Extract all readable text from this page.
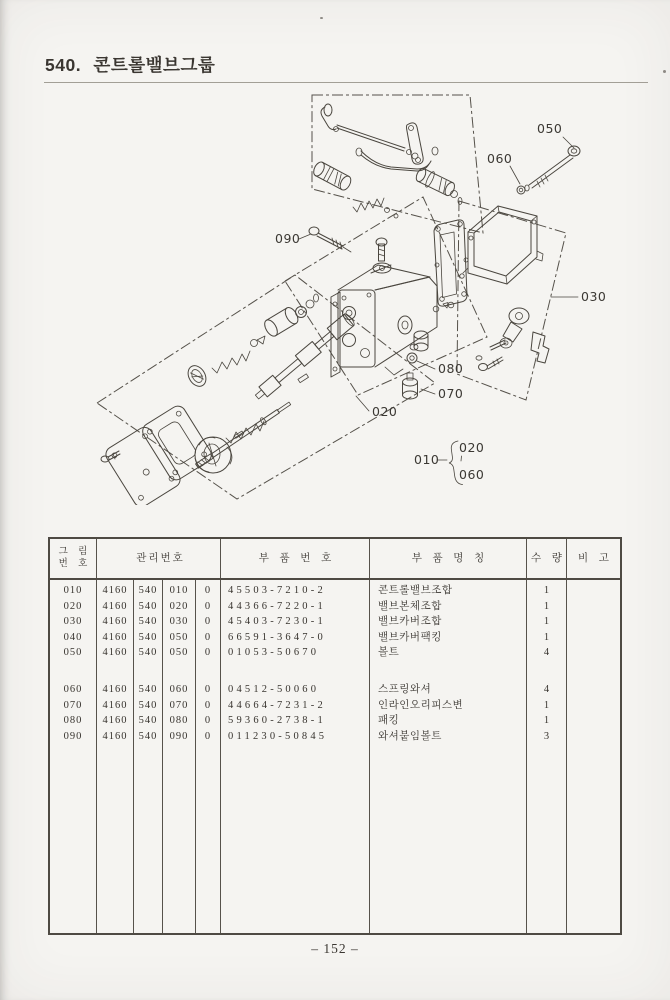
540. 콘트롤밸브그룹
050
060
090
030
080
070
020
010
020
060
그 림
번 호	관리번호	부 품 번 호	부 품 명 칭	수 량	비 고
010	4160	540	010	0	45503-7210-2	콘트롤밸브조합	1
020	4160	540	020	0	44366-7220-1	밸브본체조합	1
030	4160	540	030	0	45403-7230-1	밸브카버조합	1
040	4160	540	050	0	66591-3647-0	밸브카버팩킹	1
050	4160	540	050	0	01053-50670	볼트	4
060	4160	540	060	0	04512-50060	스프링와셔	4
070	4160	540	070	0	44664-7231-2	인라인오리피스변	1
080	4160	540	080	0	59360-2738-1	패킹	1
090	4160	540	090	0	011230-50845	와셔붙임볼트	3
– 152 –
